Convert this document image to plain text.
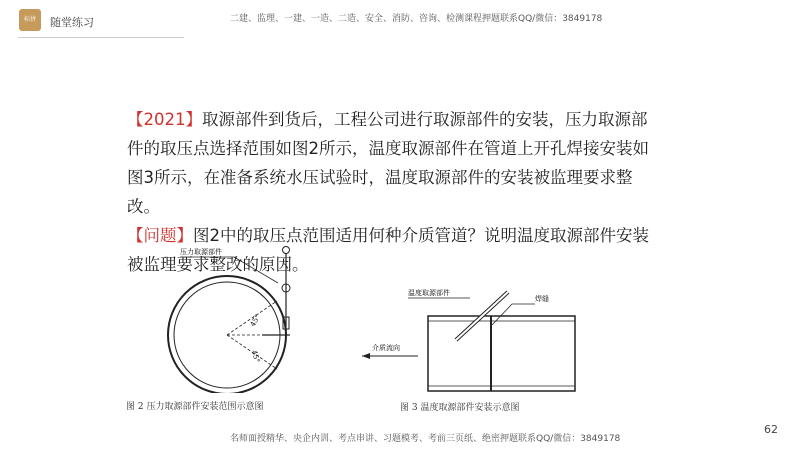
标拼	随堂练习	二建、监理、一建、一造、二造、安全、消防、咨询、检测课程押题联系QQ/微信：3849178

【2021】取源部件到货后，工程公司进行取源部件的安装，压力取源部件的取压点选择范围如图2所示，温度取源部件在管道上开孔焊接安装如图3所示，在准备系统水压试验时，温度取源部件的安装被监理要求整改。

【问题】图2中的取压点范围适用何种介质管道？说明温度取源部件安装被监理要求整改的原因。

45°
45°
压力取源部件
图 2 压力取源部件安装范围示意图
温度取源部件
焊缝
介质流向
图 3 温度取源部件安装示意图
62
名师面授精华、央企内训、考点串讲、习题模考、考前三页纸、绝密押题联系QQ/微信：3849178
